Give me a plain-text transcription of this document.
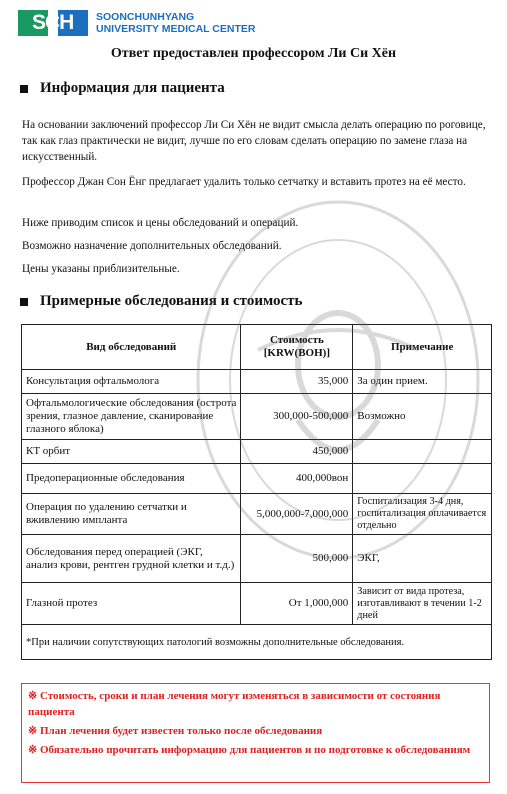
SCH SOONCHUNHYANG
UNIVERSITY MEDICAL CENTER
Ответ предоставлен профессором Ли Си Хён
Информация для пациента
На основании заключений профессор Ли Си Хён не видит смысла делать операцию по роговице, так как глаз практически не видит, лучше по его словам сделать операцию по замене глаза на искусственный.
Профессор Джан Сон Ёнг предлагает удалить только сетчатку и вставить протез на её место.
Ниже приводим список и цены обследований и операций.
Возможно назначение дополнительных обследований.
Цены указаны приблизительные.
Примерные обследования и стоимость
Вид обследований	Стоимость [KRW(ВОН)]	Примечание
Консультация офтальмолога	35,000	За один прием.
Офтальмологические обследования (острота зрения, глазное давление, сканирование глазного яблока)	300,000-500,000	Возможно
КТ орбит	450,000	
Предоперационные обследования	400,000вон	
Операция по удалению сетчатки и вживлению импланта	5,000,000-7,000,000	Госпитализация 3-4 дня, госпитализация оплачивается отдельно
Обследования перед операцией (ЭКГ, анализ крови, рентген грудной клетки и т.д.)	500,000	ЭКГ,
Глазной протез	От 1,000,000	Зависит от вида протеза, изготавливают в течении 1-2 дней
*При наличии сопутствующих патологий возможны дополнительные обследования.		
※ Стоимость, сроки и план лечения могут изменяться в зависимости от состояния пациента
※ План лечения будет известен только после обследования
※ Обязательно прочитать информацию для пациентов и по подготовке к обследованиям
